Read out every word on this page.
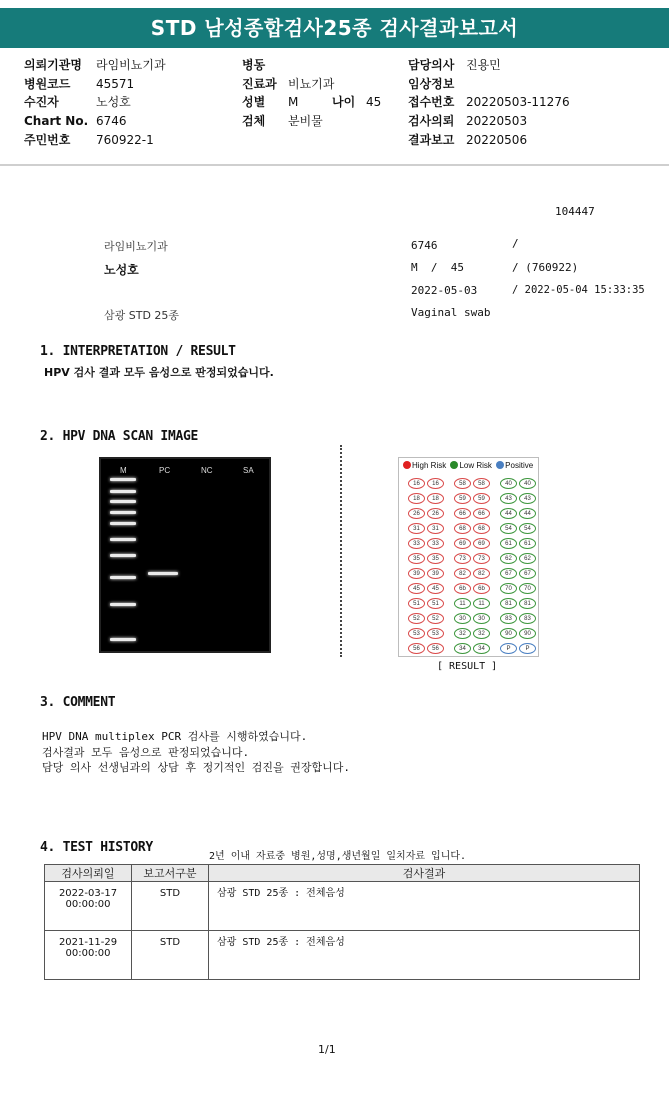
STD 남성종합검사25종 검사결과보고서
의뢰기관명 라임비뇨기과
병원코드 45571
수진자	노성호
Chart No. 6746
주민번호 760922-1
병동
진료과 비뇨기과
성별 M	나이 45
검체 분비물
담당의사 진용민
임상정보
접수번호 20220503-11276
검사의뢰 20220503
결과보고 20220506
104447
라임비뇨기과	6746	/
노성호	M  /  45	/ (760922)
2022-05-03	/ 2022-05-04 15:33:35
삼광 STD 25종	Vaginal swab
1. INTERPRETATION / RESULT
HPV 검사 결과 모두 음성으로 판정되었습니다.
2. HPV DNA SCAN IMAGE
M	PC	NC	SA
High Risk Low Risk Positive
16	16	58	58	40	40
18	18	59	59	43	43
26	26	66	66	44	44
31	31	68	68	54	54
33	33	69	69	61	61
35	35	73	73	62	62
39	39	82	82	67	67
45	45	6b	6b	70	70
51	51	11	11	81	81
52	52	30	30	83	83
53	53	32	32	90	90
56	56	34	34	P	P
[ RESULT ]
3. COMMENT
HPV DNA multiplex PCR 검사를 시행하였습니다.
검사결과 모두 음성으로 판정되었습니다.
담당 의사 선생님과의 상담 후 정기적인 검진을 권장합니다.
4. TEST HISTORY
2년 이내 자료중 병원,성명,생년월일 일치자료 입니다.
검사의뢰일	보고서구분	검사결과

2022-03-17
00:00:00	STD	삼광 STD 25종 : 전체음성

2021-11-29
00:00:00	STD	삼광 STD 25종 : 전체음성
1/1
